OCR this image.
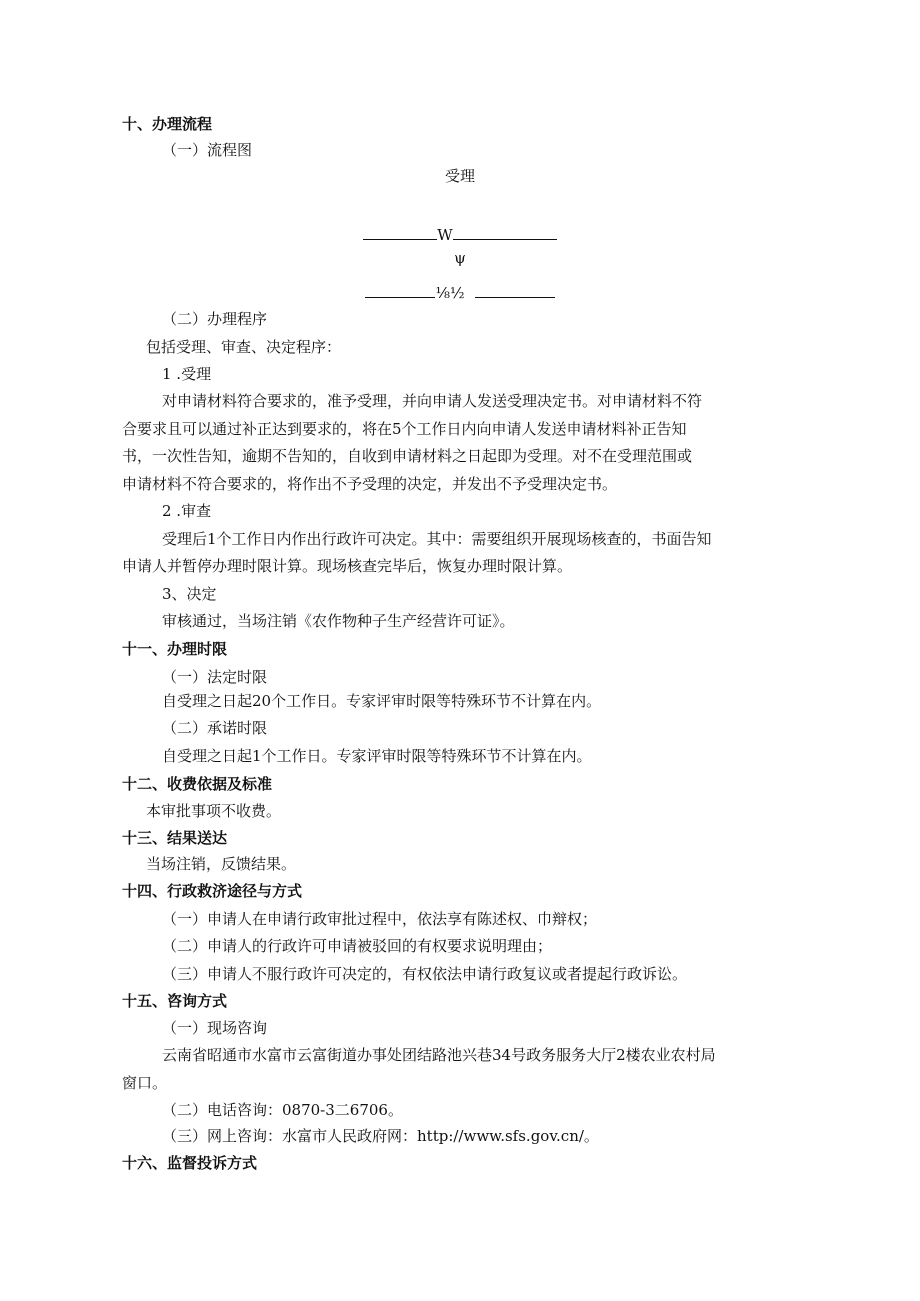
十、办理流程
（一）流程图
受理
W
ψ
⅛½
（二）办理程序
包括受理、审查、决定程序：
1 .受理
对申请材料符合要求的，准予受理，并向申请人发送受理决定书。对申请材料不符
合要求且可以通过补正达到要求的，将在5个工作日内向申请人发送申请材料补正告知
书，一次性告知，逾期不告知的，自收到申请材料之日起即为受理。对不在受理范围或
申请材料不符合要求的，将作出不予受理的决定，并发出不予受理决定书。
2 .审查
受理后1个工作日内作出行政许可决定。其中：需要组织开展现场核查的，书面告知
申请人并暂停办理时限计算。现场核查完毕后，恢复办理时限计算。
3、决定
审核通过，当场注销《农作物种子生产经营许可证》。
十一、办理时限
（一）法定时限
自受理之日起20个工作日。专家评审时限等特殊环节不计算在内。
（二）承诺时限
自受理之日起1个工作日。专家评审时限等特殊环节不计算在内。
十二、收费依据及标准
本审批事项不收费。
十三、结果送达
当场注销，反馈结果。
十四、行政救济途径与方式
（一）申请人在申请行政审批过程中，依法享有陈述权、巾辩权；
（二）申请人的行政许可申请被驳回的有权要求说明理由；
（三）申请人不服行政许可决定的，有权依法申请行政复议或者提起行政诉讼。
十五、咨询方式
（一）现场咨询
云南省昭通市水富市云富街道办事处团结路池兴巷34号政务服务大厅2楼农业农村局
窗口。
（二）电话咨询：0870-3二6706。
（三）网上咨询：水富市人民政府网：http://www.sfs.gov.cn/。
十六、监督投诉方式
